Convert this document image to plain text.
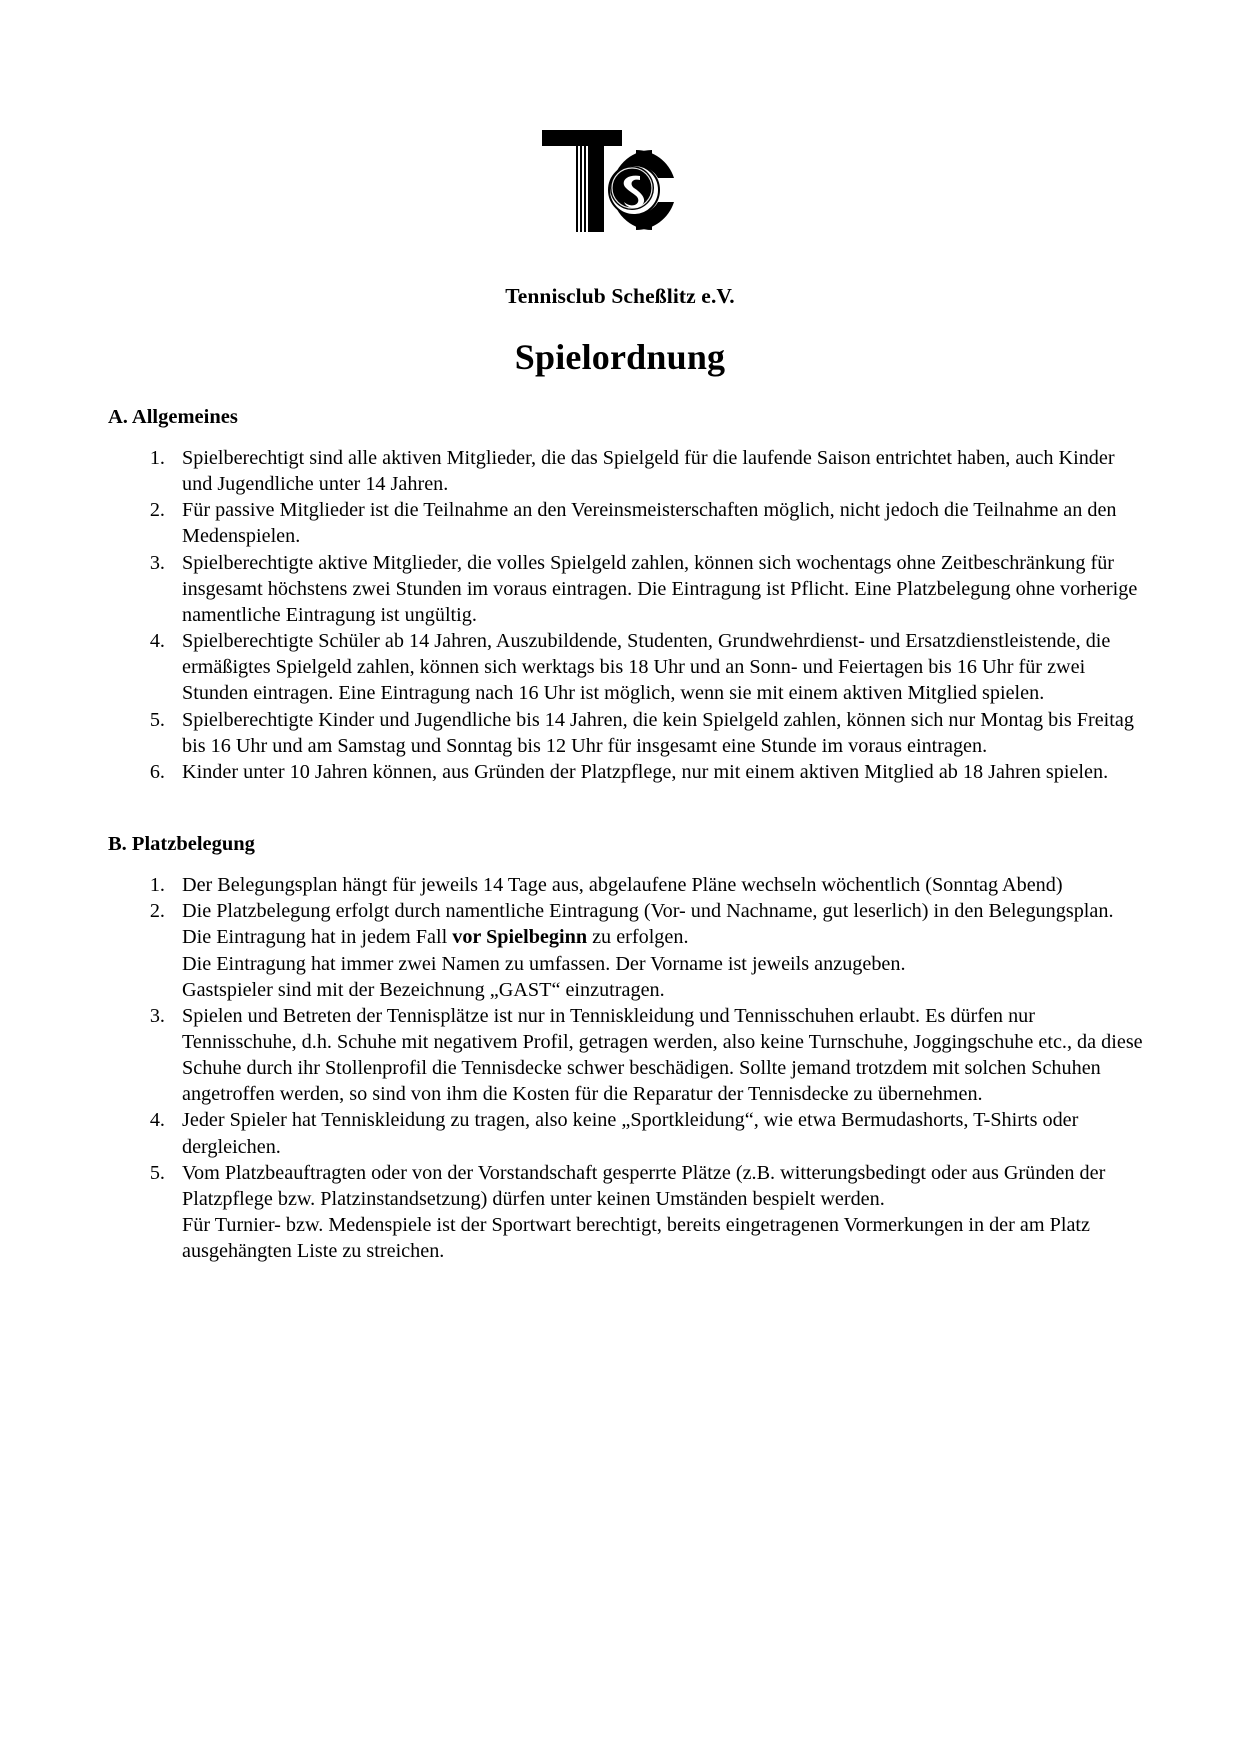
Tennisclub Scheßlitz e.V.
Spielordnung
A. Allgemeines
1. Spielberechtigt sind alle aktiven Mitglieder, die das Spielgeld für die laufende Saison entrichtet haben, auch Kinder und Jugendliche unter 14 Jahren.
2. Für passive Mitglieder ist die Teilnahme an den Vereinsmeisterschaften möglich, nicht jedoch die Teilnahme an den Medenspielen.
3. Spielberechtigte aktive Mitglieder, die volles Spielgeld zahlen, können sich wochentags ohne Zeitbeschränkung für insgesamt höchstens zwei Stunden im voraus eintragen. Die Eintragung ist Pflicht. Eine Platzbelegung ohne vorherige namentliche Eintragung ist ungültig.
4. Spielberechtigte Schüler ab 14 Jahren, Auszubildende, Studenten, Grundwehrdienst- und Ersatzdienstleistende, die ermäßigtes Spielgeld zahlen, können sich werktags bis 18 Uhr und an Sonn- und Feiertagen bis 16 Uhr für zwei Stunden eintragen. Eine Eintragung nach 16 Uhr ist möglich, wenn sie mit einem aktiven Mitglied spielen.
5. Spielberechtigte Kinder und Jugendliche bis 14 Jahren, die kein Spielgeld zahlen, können sich nur Montag bis Freitag bis 16 Uhr und am Samstag und Sonntag bis 12 Uhr für insgesamt eine Stunde im voraus eintragen.
6. Kinder unter 10 Jahren können, aus Gründen der Platzpflege, nur mit einem aktiven Mitglied ab 18 Jahren spielen.
B. Platzbelegung
1. Der Belegungsplan hängt für jeweils 14 Tage aus, abgelaufene Pläne wechseln wöchentlich (Sonntag Abend)
2. Die Platzbelegung erfolgt durch namentliche Eintragung (Vor- und Nachname, gut leserlich) in den Belegungsplan.
Die Eintragung hat in jedem Fall vor Spielbeginn zu erfolgen.
Die Eintragung hat immer zwei Namen zu umfassen. Der Vorname ist jeweils anzugeben.
Gastspieler sind mit der Bezeichnung „GAST“ einzutragen.
3. Spielen und Betreten der Tennisplätze ist nur in Tenniskleidung und Tennisschuhen erlaubt. Es dürfen nur Tennisschuhe, d.h. Schuhe mit negativem Profil, getragen werden, also keine Turnschuhe, Joggingschuhe etc., da diese Schuhe durch ihr Stollenprofil die Tennisdecke schwer beschädigen. Sollte jemand trotzdem mit solchen Schuhen angetroffen werden, so sind von ihm die Kosten für die Reparatur der Tennisdecke zu übernehmen.
4. Jeder Spieler hat Tenniskleidung zu tragen, also keine „Sportkleidung“, wie etwa Bermudashorts, T-Shirts oder dergleichen.
5. Vom Platzbeauftragten oder von der Vorstandschaft gesperrte Plätze (z.B. witterungsbedingt oder aus Gründen der Platzpflege bzw. Platzinstandsetzung) dürfen unter keinen Umständen bespielt werden.
Für Turnier- bzw. Medenspiele ist der Sportwart berechtigt, bereits eingetragenen Vormerkungen in der am Platz ausgehängten Liste zu streichen.
